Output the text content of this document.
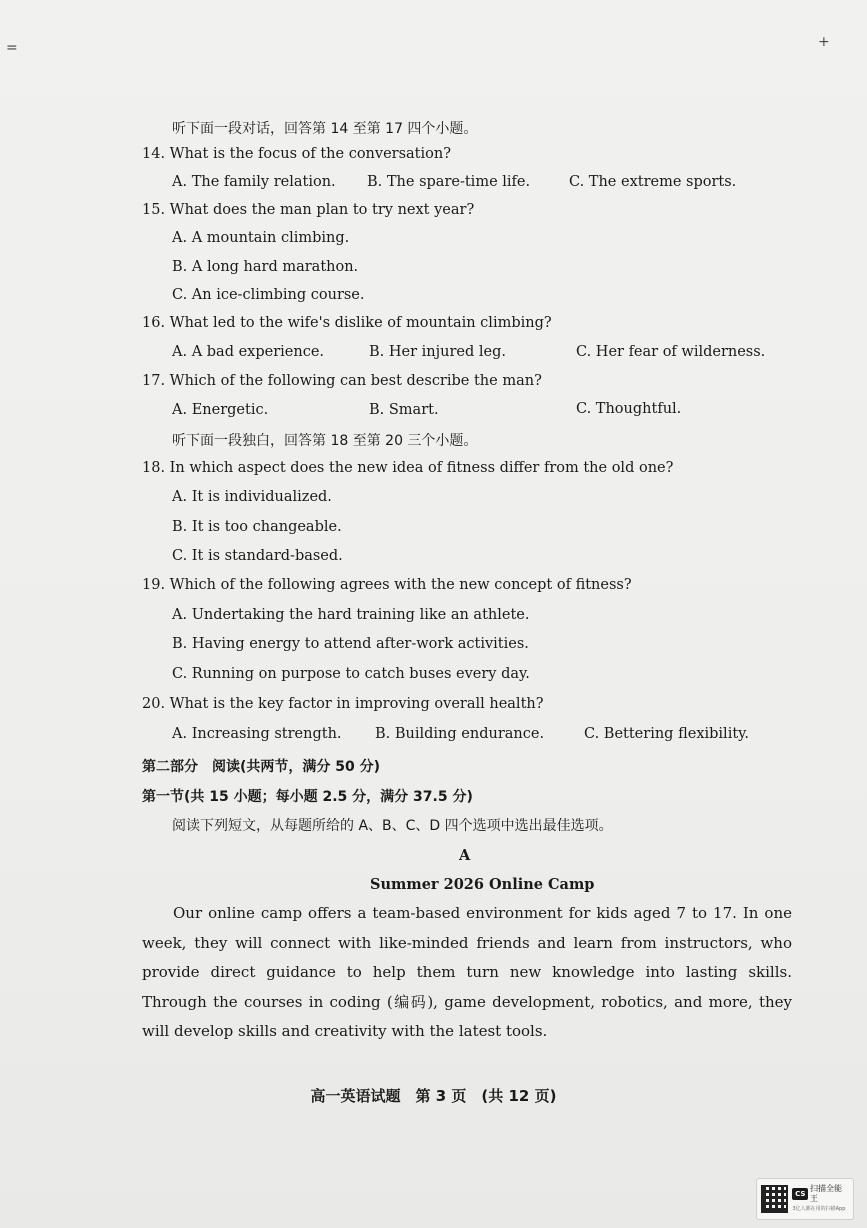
=	+
听下面一段对话，回答第 14 至第 17 四个小题。
14. What is the focus of the conversation?
A. The family relation. B. The spare-time life.	C. The extreme sports.
15. What does the man plan to try next year?
A. A mountain climbing.
B. A long hard marathon.
C. An ice-climbing course.
16. What led to the wife's dislike of mountain climbing?
A. A bad experience.	B. Her injured leg.	C. Her fear of wilderness.
17. Which of the following can best describe the man?
A. Energetic.	B. Smart.	C. Thoughtful.
听下面一段独白，回答第 18 至第 20 三个小题。
18. In which aspect does the new idea of fitness differ from the old one?
A. It is individualized.
B. It is too changeable.
C. It is standard-based.
19. Which of the following agrees with the new concept of fitness?
A. Undertaking the hard training like an athlete.
B. Having energy to attend after-work activities.
C. Running on purpose to catch buses every day.
20. What is the key factor in improving overall health?
A. Increasing strength. B. Building endurance.	C. Bettering flexibility.
第二部分　阅读(共两节，满分 50 分)
第一节(共 15 小题；每小题 2.5 分，满分 37.5 分)
阅读下列短文，从每题所给的 A、B、C、D 四个选项中选出最佳选项。
A
Summer 2026 Online Camp
Our online camp offers a team-based environment for kids aged 7 to 17. In one week, they will connect with like-minded friends and learn from instructors, who provide direct guidance to help them turn new knowledge into lasting skills. Through the courses in coding (编码), game development, robotics, and more, they will develop skills and creativity with the latest tools.
高一英语试题　第 3 页　(共 12 页)
CS
扫描全能王
3亿人都在用的扫描App
